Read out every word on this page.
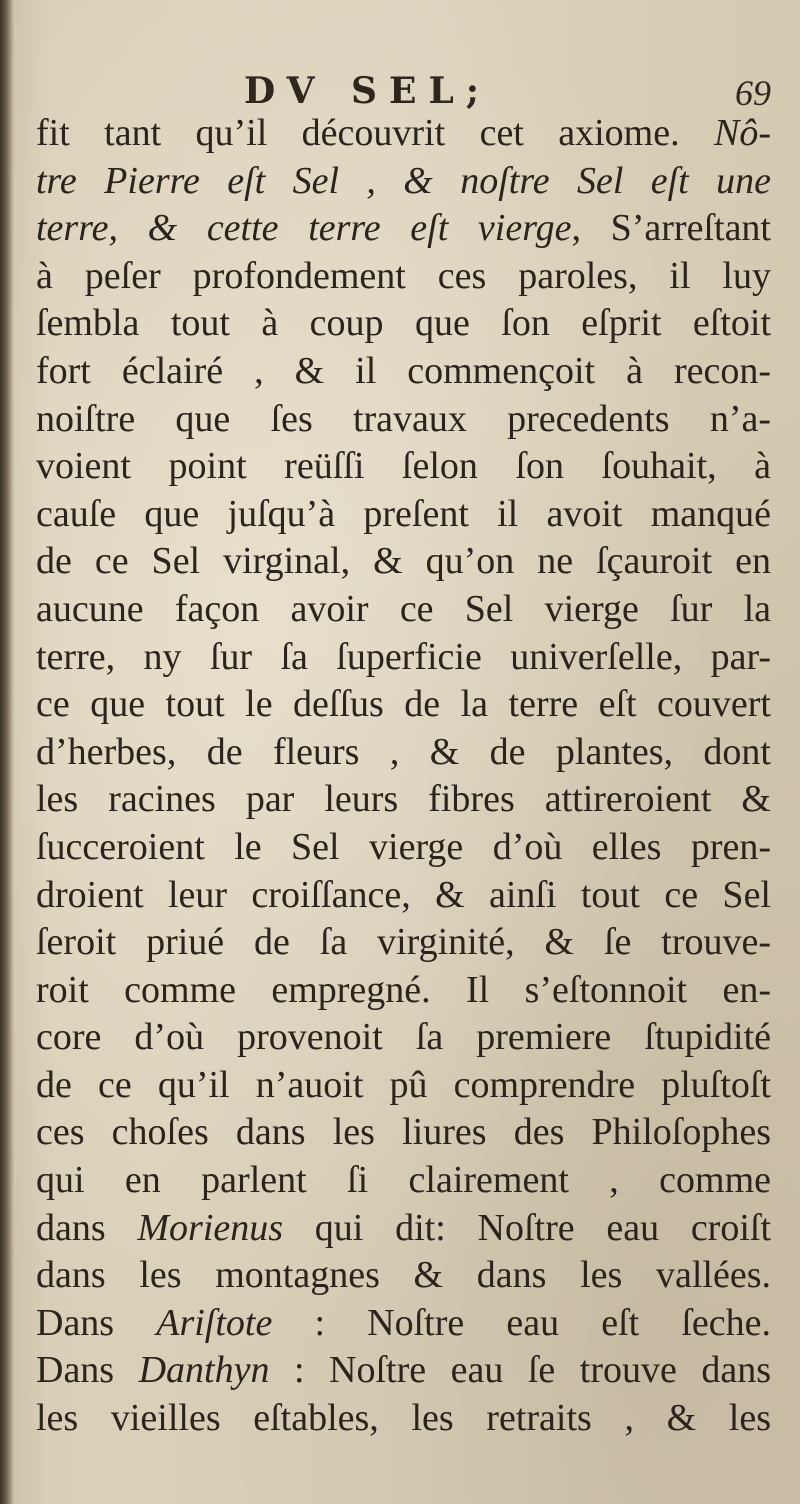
DV SEL;	69
fit tant qu’il découvrit cet axiome. Nô-
tre Pierre eſt Sel , & noſtre Sel eſt une
terre, & cette terre eſt vierge, S’arreſtant
à peſer profondement ces paroles, il luy
ſembla tout à coup que ſon eſprit eſtoit
fort éclairé , & il commençoit à recon-
noiſtre que ſes travaux precedents n’a-
voient point reüſſi ſelon ſon ſouhait, à
cauſe que juſqu’à preſent il avoit manqué
de ce Sel virginal, & qu’on ne ſçauroit en
aucune façon avoir ce Sel vierge ſur la
terre, ny ſur ſa ſuperficie univerſelle, par-
ce que tout le deſſus de la terre eſt couvert
d’herbes, de fleurs , & de plantes, dont
les racines par leurs fibres attireroient &
ſucceroient le Sel vierge d’où elles pren-
droient leur croiſſance, & ainſi tout ce Sel
ſeroit priué de ſa virginité, & ſe trouve-
roit comme empregné. Il s’eſtonnoit en-
core d’où provenoit ſa premiere ſtupidité
de ce qu’il n’auoit pû comprendre pluſtoſt
ces choſes dans les liures des Philoſophes
qui en parlent ſi clairement , comme
dans Morienus qui dit: Noſtre eau croiſt
dans les montagnes & dans les vallées.
Dans Ariſtote : Noſtre eau eſt ſeche.
Dans Danthyn : Noſtre eau ſe trouve dans
les vieilles eſtables, les retraits , & les
